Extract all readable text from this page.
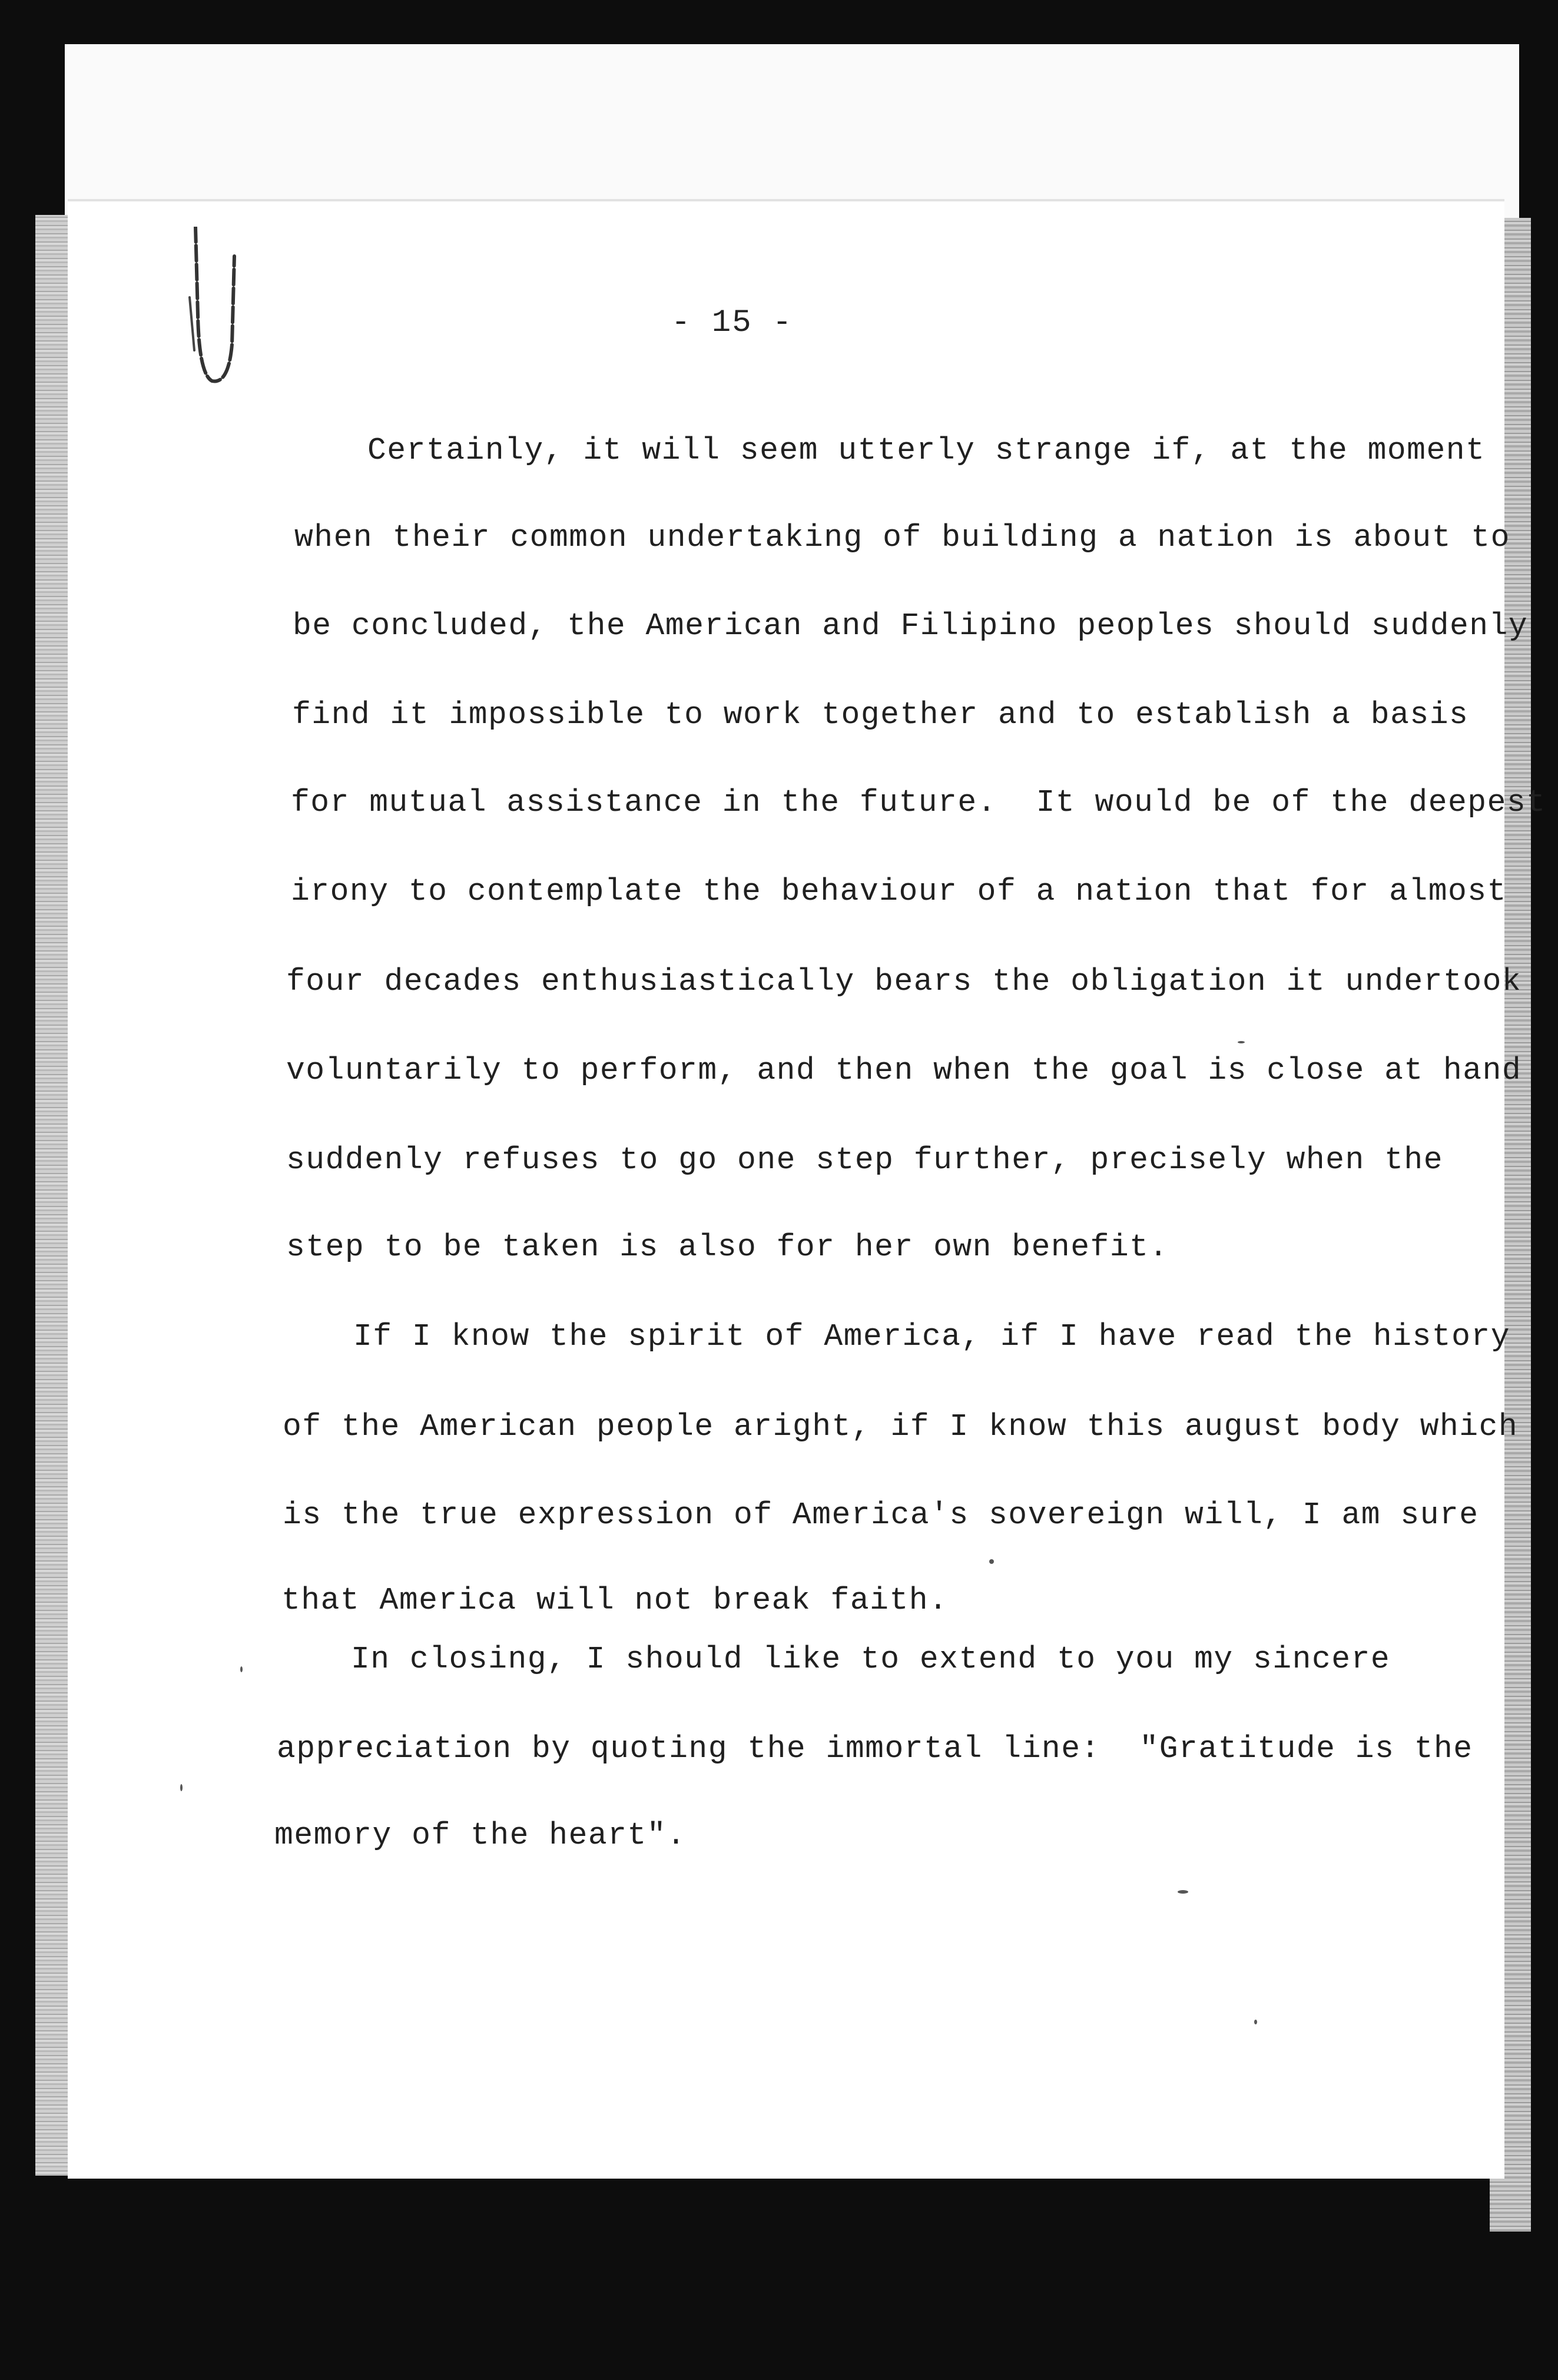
- 15 -
Certainly, it will seem utterly strange if, at the moment
when their common undertaking of building a nation is about to
be concluded, the American and Filipino peoples should suddenly
find it impossible to work together and to establish a basis
for mutual assistance in the future.  It would be of the deepest
irony to contemplate the behaviour of a nation that for almost
four decades enthusiastically bears the obligation it undertook
voluntarily to perform, and then when the goal is close at hand
suddenly refuses to go one step further, precisely when the
step to be taken is also for her own benefit.
If I know the spirit of America, if I have read the history
of the American people aright, if I know this august body which
is the true expression of America's sovereign will, I am sure
that America will not break faith.
In closing, I should like to extend to you my sincere
appreciation by quoting the immortal line:  "Gratitude is the
memory of the heart".
